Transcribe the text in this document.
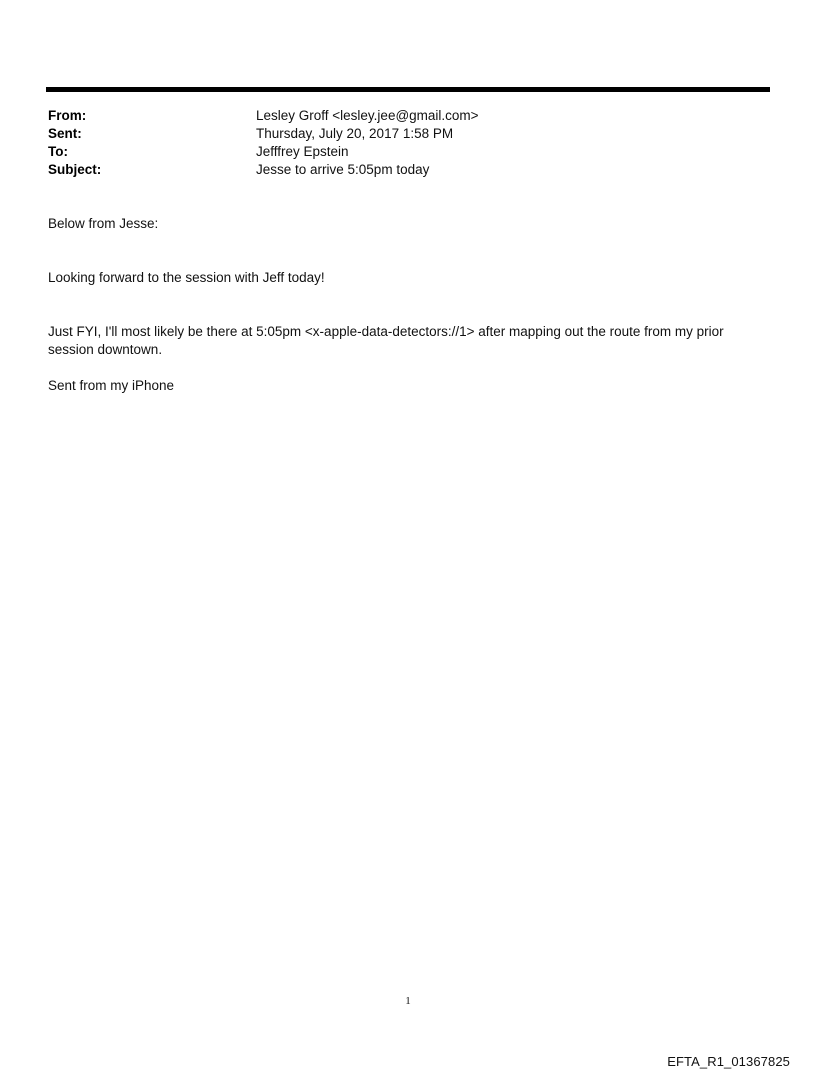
From:	Lesley Groff <lesley.jee@gmail.com>
Sent:	Thursday, July 20, 2017 1:58 PM
To:	Jefffrey Epstein
Subject:	Jesse to arrive 5:05pm today
Below from Jesse:
Looking forward to the session with Jeff today!
Just FYI, I'll most likely be there at 5:05pm <x-apple-data-detectors://1> after mapping out the route from my prior session downtown.
Sent from my iPhone
1
EFTA_R1_01367825
